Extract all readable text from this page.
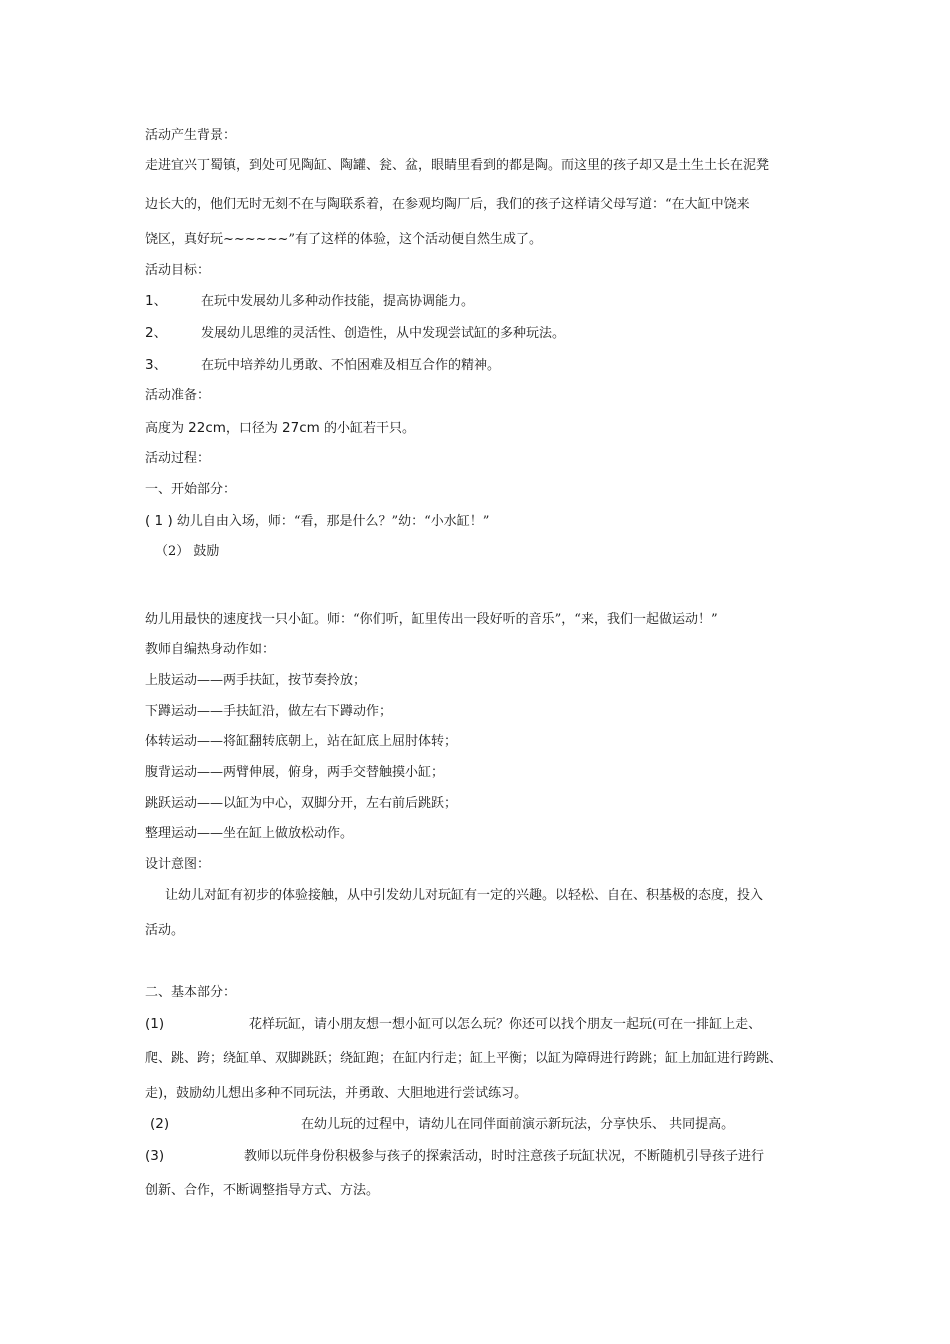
活动产生背景：
走进宜兴丁蜀镇，到处可见陶缸、陶罐、瓮、盆，眼睛里看到的都是陶。而这里的孩子却又是土生土长在泥凳
边长大的，他们无时无刻不在与陶联系着，在参观均陶厂后，我们的孩子这样请父母写道：“在大缸中饶来
饶区，真好玩~~~~~~”有了这样的体验，这个活动便自然生成了。
活动目标：
1、	在玩中发展幼儿多种动作技能，提高协调能力。
2、	发展幼儿思维的灵活性、创造性，从中发现尝试缸的多种玩法。
3、	在玩中培养幼儿勇敢、不怕困难及相互合作的精神。
活动准备：
高度为 22cm，口径为 27cm 的小缸若干只。
活动过程：
一、开始部分：
( 1 ) 幼儿自由入场，师：“看，那是什么？”幼：“小水缸！”
（2） 鼓励
幼儿用最快的速度找一只小缸。师：“你们听，缸里传出一段好听的音乐”，“来，我们一起做运动！”
教师自编热身动作如：
上肢运动——两手扶缸，按节奏拎放；
下蹲运动——手扶缸沿，做左右下蹲动作；
体转运动——将缸翻转底朝上，站在缸底上屈肘体转；
腹背运动——两臂伸展，俯身，两手交替触摸小缸；
跳跃运动——以缸为中心，双脚分开，左右前后跳跃；
整理运动——坐在缸上做放松动作。
设计意图：
让幼儿对缸有初步的体验接触，从中引发幼儿对玩缸有一定的兴趣。以轻松、自在、积基极的态度，投入
活动。
二、基本部分：
(1)	花样玩缸，请小朋友想一想小缸可以怎么玩？你还可以找个朋友一起玩(可在一排缸上走、
爬、跳、跨；绕缸单、双脚跳跃；绕缸跑；在缸内行走；缸上平衡；以缸为障碍进行跨跳；缸上加缸进行跨跳、
走)，鼓励幼儿想出多种不同玩法，并勇敢、大胆地进行尝试练习。
(2)	在幼儿玩的过程中，请幼儿在同伴面前演示新玩法，分享快乐、 共同提高。
(3)	教师以玩伴身份积极参与孩子的探索活动，时时注意孩子玩缸状况，不断随机引导孩子进行
创新、合作，不断调整指导方式、方法。
